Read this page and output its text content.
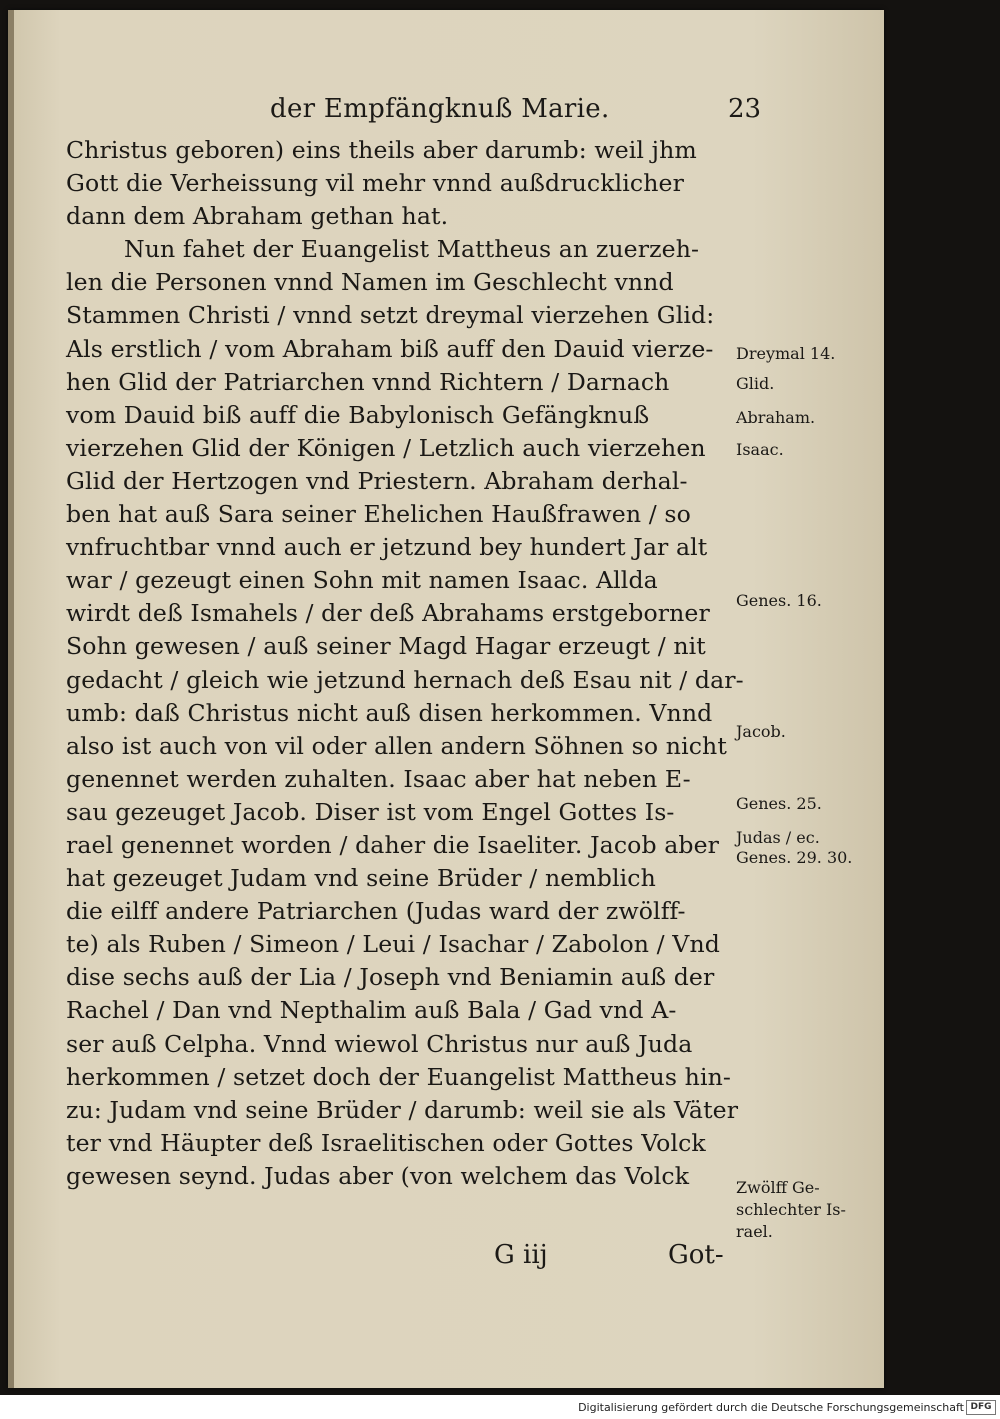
der Empfängknuß Marie.	23
Christus geboren) eins theils aber darumb: weil jhm
Gott die Verheissung vil mehr vnnd außdrucklicher
dann dem Abraham gethan hat.
Nun fahet der Euangelist Mattheus an zuerzeh-
len die Personen vnnd Namen im Geschlecht vnnd
Stammen Christi / vnnd setzt dreymal vierzehen Glid:
Als erstlich / vom Abraham biß auff den Dauid vierze-
hen Glid der Patriarchen vnnd Richtern / Darnach
vom Dauid biß auff die Babylonisch Gefängknuß
vierzehen Glid der Königen / Letzlich auch vierzehen
Glid der Hertzogen vnd Priestern. Abraham derhal-
ben hat auß Sara seiner Ehelichen Haußfrawen / so
vnfruchtbar vnnd auch er jetzund bey hundert Jar alt
war / gezeugt einen Sohn mit namen Isaac. Allda
wirdt deß Ismahels / der deß Abrahams erstgeborner
Sohn gewesen / auß seiner Magd Hagar erzeugt / nit
gedacht / gleich wie jetzund hernach deß Esau nit / dar-
umb: daß Christus nicht auß disen herkommen. Vnnd
also ist auch von vil oder allen andern Söhnen so nicht
genennet werden zuhalten. Isaac aber hat neben E-
sau gezeuget Jacob. Diser ist vom Engel Gottes Is-
rael genennet worden / daher die Isaeliter. Jacob aber
hat gezeuget Judam vnd seine Brüder / nemblich
die eilff andere Patriarchen (Judas ward der zwölff-
te) als Ruben / Simeon / Leui / Isachar / Zabolon / Vnd
dise sechs auß der Lia / Joseph vnd Beniamin auß der
Rachel / Dan vnd Nepthalim auß Bala / Gad vnd A-
ser auß Celpha. Vnnd wiewol Christus nur auß Juda
herkommen / setzet doch der Euangelist Mattheus hin-
zu: Judam vnd seine Brüder / darumb: weil sie als Väter
ter vnd Häupter deß Israelitischen oder Gottes Volck
gewesen seynd. Judas aber (von welchem das Volck
Dreymal 14.
Glid.
Abraham.
Isaac.
Genes. 16.
Jacob.
Genes. 25.
Judas / ec.
Genes. 29. 30.
Zwölff Ge-
schlechter Is-
rael.
G iij	Got-
Digitalisierung gefördert durch die Deutsche Forschungsgemeinschaft DFG
